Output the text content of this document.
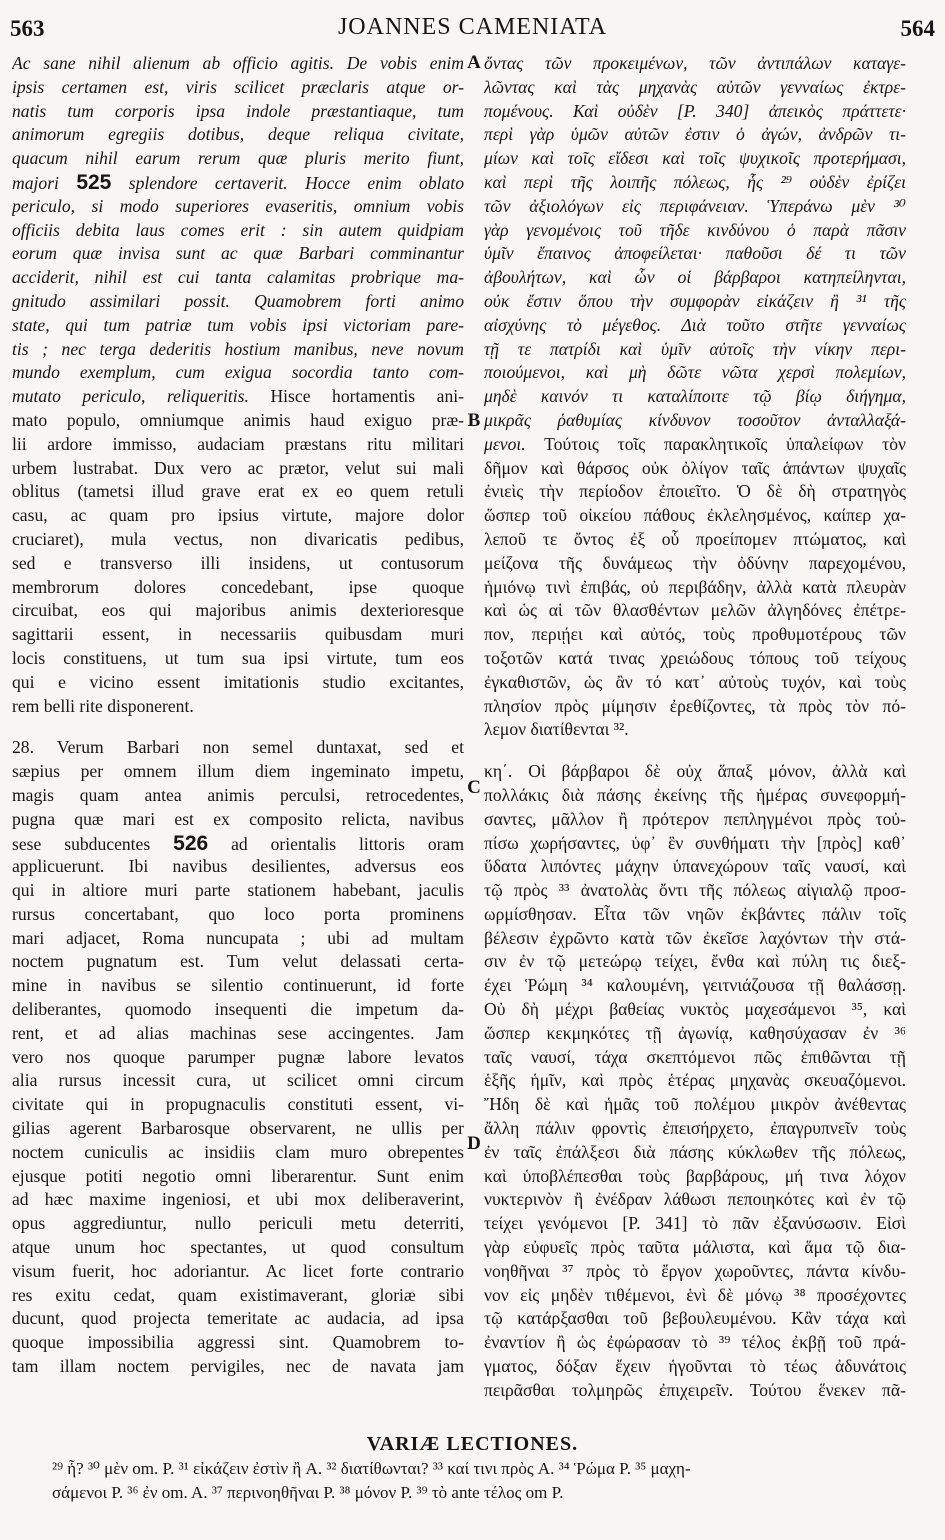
563	JOANNES CAMENIATA	564
Ac sane nihil alienum ab officio agitis. De vobis enim
ipsis certamen est, viris scilicet præclaris atque or-
natis tum corporis ipsa indole præstantiaque, tum
animorum egregiis dotibus, deque reliqua civitate,
quacum nihil earum rerum quæ pluris merito fiunt,
majori 525 splendore certaverit. Hocce enim oblato
periculo, si modo superiores evaseritis, omnium vobis
officiis debita laus comes erit : sin autem quidpiam
eorum quæ invisa sunt ac quæ Barbari comminantur
acciderit, nihil est cui tanta calamitas probrique ma-
gnitudo assimilari possit. Quamobrem forti animo
state, qui tum patriæ tum vobis ipsi victoriam pare-
tis ; nec terga dederitis hostium manibus, neve novum
mundo exemplum, cum exigua socordia tanto com-
mutato periculo, reliqueritis. Hisce hortamentis ani-
mato populo, omniumque animis haud exiguo præ-
lii ardore immisso, audaciam præstans ritu militari
urbem lustrabat. Dux vero ac prætor, velut sui mali
oblitus (tametsi illud grave erat ex eo quem retuli
casu, ac quam pro ipsius virtute, majore dolor
cruciaret), mula vectus, non divaricatis pedibus,
sed e transverso illi insidens, ut contusorum
membrorum dolores concedebant, ipse quoque
circuibat, eos qui majoribus animis dexterioresque
sagittarii essent, in necessariis quibusdam muri
locis constituens, ut tum sua ipsi virtute, tum eos
qui e vicino essent imitationis studio excitantes,
rem belli rite disponerent.
28. Verum Barbari non semel duntaxat, sed et
sæpius per omnem illum diem ingeminato impetu,
magis quam antea animis perculsi, retrocedentes,
pugna quæ mari est ex composito relicta, navibus
sese subducentes 526 ad orientalis littoris oram
applicuerunt. Ibi navibus desilientes, adversus eos
qui in altiore muri parte stationem habebant, jaculis
rursus concertabant, quo loco porta prominens
mari adjacet, Roma nuncupata ; ubi ad multam
noctem pugnatum est. Tum velut delassati certa-
mine in navibus se silentio continuerunt, id forte
deliberantes, quomodo insequenti die impetum da-
rent, et ad alias machinas sese accingentes. Jam
vero nos quoque parumper pugnæ labore levatos
alia rursus incessit cura, ut scilicet omni circum
civitate qui in propugnaculis constituti essent, vi-
gilias agerent Barbarosque observarent, ne ullis per
noctem cuniculis ac insidiis clam muro obrepentes
ejusque potiti negotio omni liberarentur. Sunt enim
ad hæc maxime ingeniosi, et ubi mox deliberaverint,
opus aggrediuntur, nullo periculi metu deterriti,
atque unum hoc spectantes, ut quod consultum
visum fuerit, hoc adoriantur. Ac licet forte contrario
res exitu cedat, quam existimaverant, gloriæ sibi
ducunt, quod projecta temeritate ac audacia, ad ipsa
quoque impossibilia aggressi sint. Quamobrem to-
tam illam noctem pervigiles, nec de navata jam
ὄντας τῶν προκειμένων, τῶν ἀντιπάλων καταγε-
λῶντας καὶ τὰς μηχανὰς αὐτῶν γενναίως ἐκτρε-
πομένους. Καὶ οὐδὲν [Ρ. 340] ἀπεικὸς πράττετε·
περὶ γὰρ ὑμῶν αὐτῶν ἐστιν ὁ ἀγών, ἀνδρῶν τι-
μίων καὶ τοῖς εἴδεσι καὶ τοῖς ψυχικοῖς προτερήμασι,
καὶ περὶ τῆς λοιπῆς πόλεως, ἧς ²⁹ οὐδὲν ἐρίζει
τῶν ἀξιολόγων εἰς περιφάνειαν. Ὑπεράνω μὲν ³⁰
γὰρ γενομένοις τοῦ τῆδε κινδύνου ὁ παρὰ πᾶσιν
ὑμῖν ἔπαινος ἀποφείλεται· παθοῦσι δέ τι τῶν
ἀβουλήτων, καὶ ὧν οἱ βάρβαροι κατηπείληνται,
οὐκ ἔστιν ὅπου τὴν συμφορὰν εἰκάζειν ἢ ³¹ τῆς
αἰσχύνης τὸ μέγεθος. Διὰ τοῦτο στῆτε γενναίως
τῇ τε πατρίδι καὶ ὑμῖν αὐτοῖς τὴν νίκην περι-
ποιούμενοι, καὶ μὴ δῶτε νῶτα χερσὶ πολεμίων,
μηδὲ καινόν τι καταλίποιτε τῷ βίῳ διήγημα,
μικρᾶς ῥαθυμίας κίνδυνον τοσοῦτον ἀνταλλαξά-
μενοι. Τούτοις τοῖς παρακλητικοῖς ὑπαλείφων τὸν
δῆμον καὶ θάρσος οὐκ ὀλίγον ταῖς ἁπάντων ψυχαῖς
ἐνιεὶς τὴν περίοδον ἐποιεῖτο. Ὁ δὲ δὴ στρατηγὸς
ὥσπερ τοῦ οἰκείου πάθους ἐκλελησμένος, καίπερ χα-
λεποῦ τε ὄντος ἐξ οὗ προείπομεν πτώματος, καὶ
μείζονα τῆς δυνάμεως τὴν ὀδύνην παρεχομένου,
ἡμιόνῳ τινὶ ἐπιβάς, οὐ περιβάδην, ἀλλὰ κατὰ πλευρὰν
καὶ ὡς αἱ τῶν θλασθέντων μελῶν ἀλγηδόνες ἐπέτρε-
πον, περιῄει καὶ αὐτός, τοὺς προθυμοτέρους τῶν
τοξοτῶν κατά τινας χρειώδους τόπους τοῦ τείχους
ἐγκαθιστῶν, ὡς ἂν τό κατ᾽ αὐτοὺς τυχόν, καὶ τοὺς
πλησίον πρὸς μίμησιν ἐρεθίζοντες, τὰ πρὸς τὸν πό-
λεμον διατίθενται ³².
κη΄. Οἱ βάρβαροι δὲ οὐχ ἅπαξ μόνον, ἀλλὰ καὶ
πολλάκις διὰ πάσης ἐκείνης τῆς ἡμέρας συνεφορμή-
σαντες, μᾶλλον ἢ πρότερον πεπληγμένοι πρὸς τοὐ-
πίσω χωρήσαντες, ὑφ᾽ ἓν συνθήματι τὴν [πρὸς] καθ᾽
ὕδατα λιπόντες μάχην ὑπανεχώρουν ταῖς ναυσί, καὶ
τῷ πρὸς ³³ ἀνατολὰς ὄντι τῆς πόλεως αἰγιαλῷ προσ-
ωρμίσθησαν. Εἶτα τῶν νηῶν ἐκβάντες πάλιν τοῖς
βέλεσιν ἐχρῶντο κατὰ τῶν ἐκεῖσε λαχόντων τὴν στά-
σιν ἐν τῷ μετεώρῳ τείχει, ἔνθα καὶ πύλη τις διεξ-
έχει Ῥώμη ³⁴ καλουμένη, γειτνιάζουσα τῇ θαλάσσῃ.
Οὐ δὴ μέχρι βαθείας νυκτὸς μαχεσάμενοι ³⁵, καὶ
ὥσπερ κεκμηκότες τῇ ἀγωνίᾳ, καθησύχασαν ἐν ³⁶
ταῖς ναυσί, τάχα σκεπτόμενοι πῶς ἐπιθῶνται τῇ
ἑξῆς ἡμῖν, καὶ πρὸς ἑτέρας μηχανὰς σκευαζόμενοι.
Ἤδη δὲ καὶ ἡμᾶς τοῦ πολέμου μικρὸν ἀνέθεντας
ἄλλη πάλιν φροντὶς ἐπεισήρχετο, ἐπαγρυπνεῖν τοὺς
ἐν ταῖς ἐπάλξεσι διὰ πάσης κύκλωθεν τῆς πόλεως,
καὶ ὑποβλέπεσθαι τοὺς βαρβάρους, μή τινα λόχον
νυκτερινὸν ἢ ἐνέδραν λάθωσι πεποιηκότες καὶ ἐν τῷ
τείχει γενόμενοι [Ρ. 341] τὸ πᾶν ἐξανύσωσιν. Εἰσὶ
γὰρ εὐφυεῖς πρὸς ταῦτα μάλιστα, καὶ ἅμα τῷ δια-
νοηθῆναι ³⁷ πρὸς τὸ ἔργον χωροῦντες, πάντα κίνδυ-
νον εἰς μηδὲν τιθέμενοι, ἑνὶ δὲ μόνῳ ³⁸ προσέχοντες
τῷ κατάρξασθαι τοῦ βεβουλευμένου. Κἂν τάχα καὶ
ἐναντίον ἢ ὡς ἐφώρασαν τὸ ³⁹ τέλος ἐκβῇ τοῦ πρά-
γματος, δόξαν ἔχειν ἡγοῦνται τὸ τέως ἀδυνάτοις
πειρᾶσθαι τολμηρῶς ἐπιχειρεῖν. Τούτου ἕνεκεν πᾶ-
A
B
C
D
VARIÆ LECTIONES.
²⁹ ἧ? ³⁰ μὲν om. P. ³¹ εἰκάζειν ἐστὶν ἢ A. ³² διατίθωνται? ³³ καί τινι πρὸς A. ³⁴ Ῥώμα P. ³⁵ μαχη-
σάμενοι P. ³⁶ ἐν om. A. ³⁷ περινοηθῆναι P. ³⁸ μόνον P. ³⁹ τὸ ante τέλος om P.
